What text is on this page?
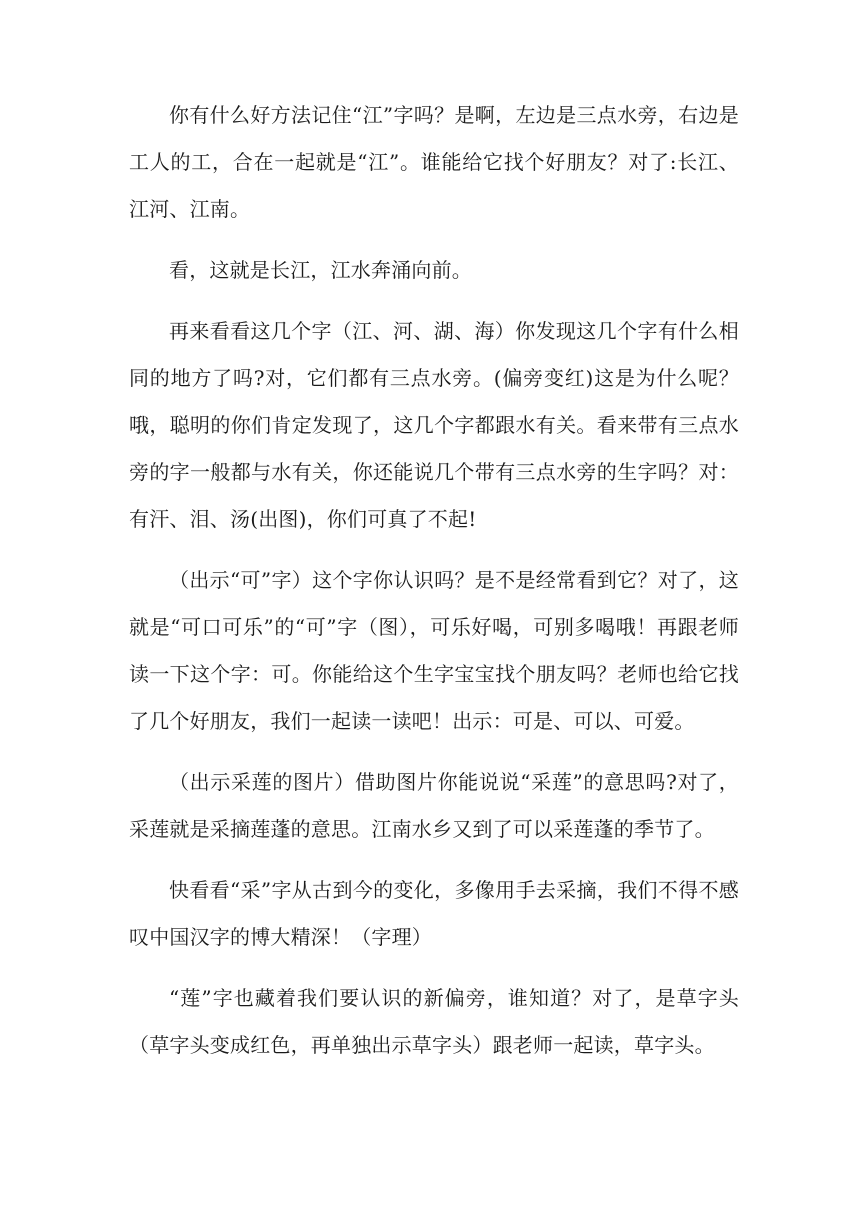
你有什么好方法记住“江”字吗？是啊，左边是三点水旁，右边是工人的工，合在一起就是“江”。谁能给它找个好朋友？对了:长江、江河、江南。

看，这就是长江，江水奔涌向前。

再来看看这几个字（江、河、湖、海）你发现这几个字有什么相同的地方了吗?对，它们都有三点水旁。(偏旁变红)这是为什么呢？哦，聪明的你们肯定发现了，这几个字都跟水有关。看来带有三点水旁的字一般都与水有关，你还能说几个带有三点水旁的生字吗？对：有汗、泪、汤(出图)，你们可真了不起!

（出示“可”字）这个字你认识吗？是不是经常看到它？对了，这就是“可口可乐”的“可”字（图），可乐好喝，可别多喝哦！再跟老师读一下这个字：可。你能给这个生字宝宝找个朋友吗？老师也给它找了几个好朋友，我们一起读一读吧！出示：可是、可以、可爱。

（出示采莲的图片）借助图片你能说说“采莲”的意思吗?对了，采莲就是采摘莲蓬的意思。江南水乡又到了可以采莲蓬的季节了。

快看看“采”字从古到今的变化，多像用手去采摘，我们不得不感叹中国汉字的博大精深！（字理）

“莲”字也藏着我们要认识的新偏旁，谁知道？对了，是草字头（草字头变成红色，再单独出示草字头）跟老师一起读，草字头。
